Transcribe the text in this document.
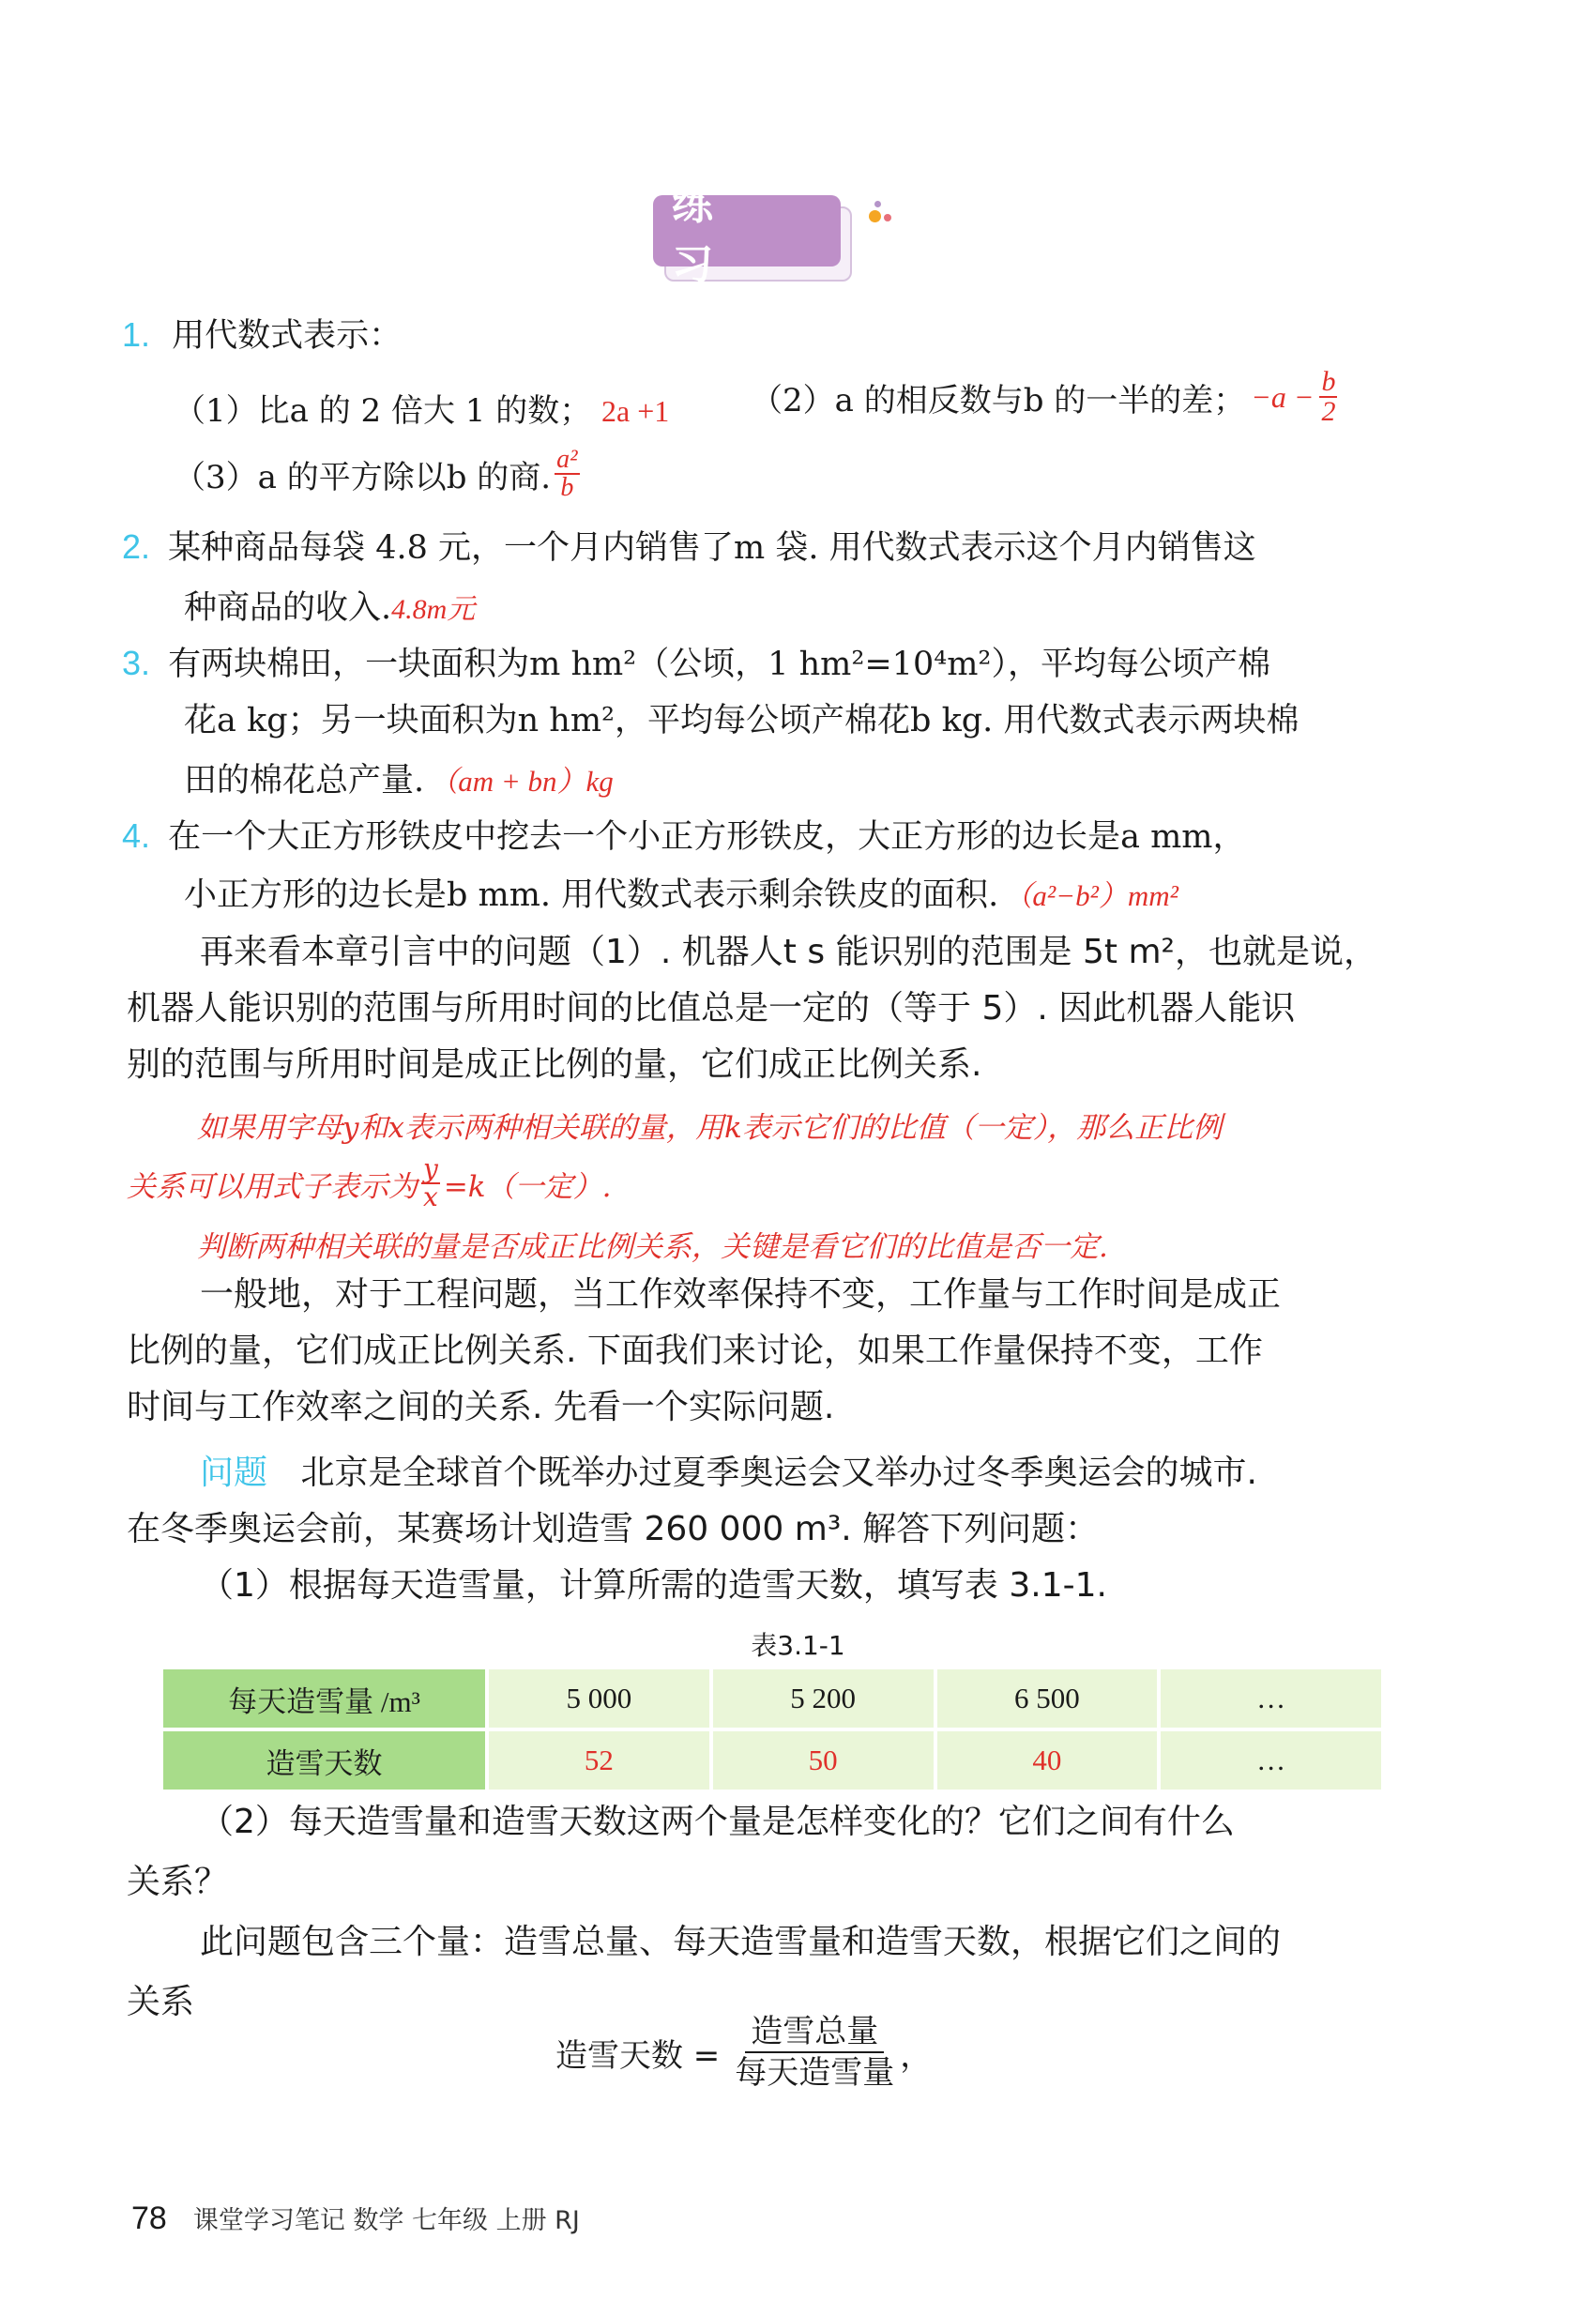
练 习
1. 用代数式表示：
（1）比a 的 2 倍大 1 的数； 2a +1	（2） a 的相反数与b 的一半的差； $-a - \frac{b}{2}$
（3） a 的平方除以b 的商. $\frac{\text{a²}}{b}$
2. 某种商品每袋 4.8 元，一个月内销售了m 袋. 用代数式表示这个月内销售这
种商品的收入.4.8m元
3. 有两块棉田，一块面积为m hm²（公顷，1 hm²=10⁴m²），平均每公顷产棉
花a kg；另一块面积为n hm²，平均每公顷产棉花b kg. 用代数式表示两块棉
田的棉花总产量. （am + bn）kg
4. 在一个大正方形铁皮中挖去一个小正方形铁皮，大正方形的边长是a mm，
小正方形的边长是b mm. 用代数式表示剩余铁皮的面积. （a²−b²）mm²
再来看本章引言中的问题（1）. 机器人t s 能识别的范围是 5t m²，也就是说，
机器人能识别的范围与所用时间的比值总是一定的（等于 5）. 因此机器人能识
别的范围与所用时间是成正比例的量，它们成正比例关系.
如果用字母y和x表示两种相关联的量，用k表示它们的比值（一定），那么正比例
关系可以用式子表示为 $\frac{y}{x} =k$（一定）.
判断两种相关联的量是否成正比例关系，关键是看它们的比值是否一定.
一般地，对于工程问题，当工作效率保持不变，工作量与工作时间是成正
比例的量，它们成正比例关系. 下面我们来讨论，如果工作量保持不变，工作
时间与工作效率之间的关系. 先看一个实际问题.
问题 北京是全球首个既举办过夏季奥运会又举办过冬季奥运会的城市.
在冬季奥运会前，某赛场计划造雪 260 000 m³. 解答下列问题：
（1）根据每天造雪量，计算所需的造雪天数，填写表 3.1-1.
表3.1-1
每天造雪量 /m³	5 000	5 200	6 500	…
造雪天数	52	50	40	…
（2）每天造雪量和造雪天数这两个量是怎样变化的？它们之间有什么
关系？
此问题包含三个量：造雪总量、每天造雪量和造雪天数，根据它们之间的
关系
造雪天数 = $\frac{\text{造雪总量}}{\text{每天造雪量}}$ ，
78 课堂学习笔记 数学 七年级 上册 RJ
